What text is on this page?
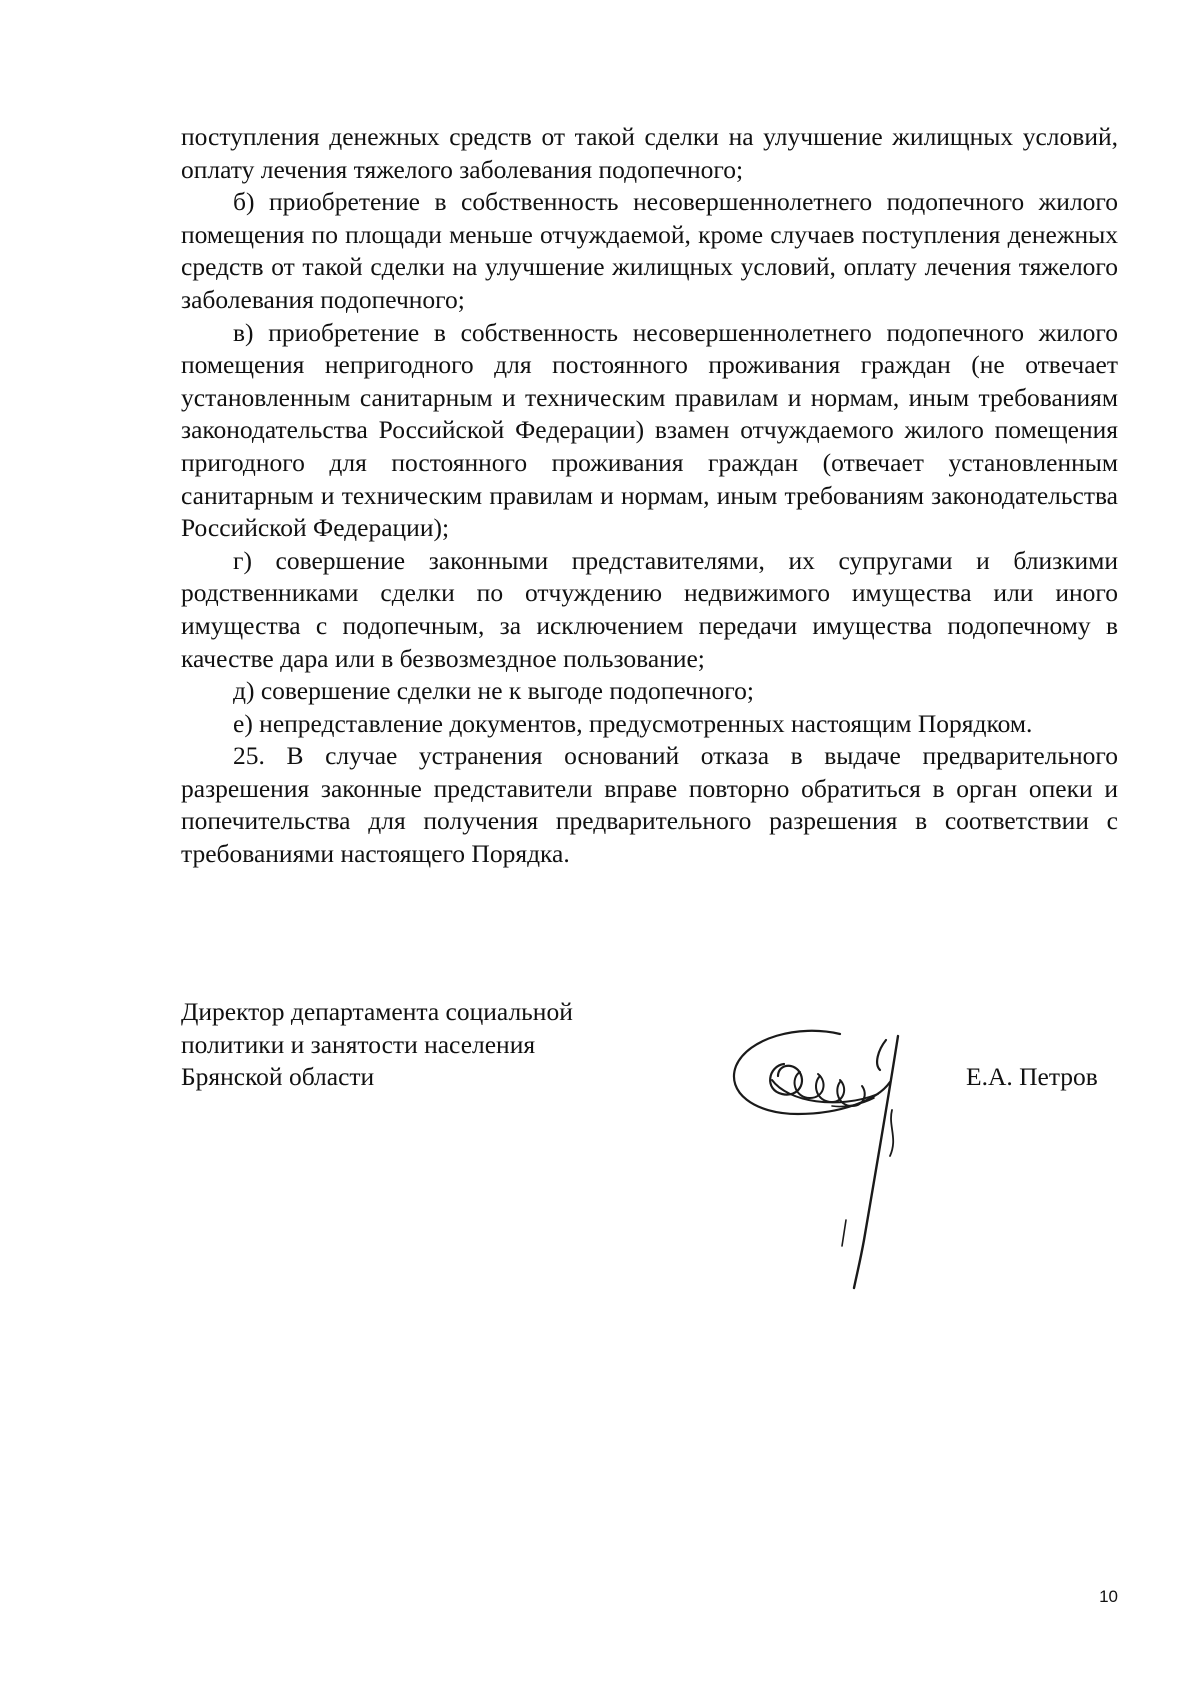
поступления денежных средств от такой сделки на улучшение жилищных условий, оплату лечения тяжелого заболевания подопечного;

б) приобретение в собственность несовершеннолетнего подопечного жилого помещения по площади меньше отчуждаемой, кроме случаев поступления денежных средств от такой сделки на улучшение жилищных условий, оплату лечения тяжелого заболевания подопечного;

в) приобретение в собственность несовершеннолетнего подопечного жилого помещения непригодного для постоянного проживания граждан (не отвечает установленным санитарным и техническим правилам и нормам, иным требованиям законодательства Российской Федерации) взамен отчуждаемого жилого помещения пригодного для постоянного проживания граждан (отвечает установленным санитарным и техническим правилам и нормам, иным требованиям законодательства Российской Федерации);

г) совершение законными представителями, их супругами и близкими родственниками сделки по отчуждению недвижимого имущества или иного имущества с подопечным, за исключением передачи имущества подопечному в качестве дара или в безвозмездное пользование;

д) совершение сделки не к выгоде подопечного;

е) непредставление документов, предусмотренных настоящим Порядком.

25. В случае устранения оснований отказа в выдаче предварительного разрешения законные представители вправе повторно обратиться в орган опеки и попечительства для получения предварительного разрешения в соответствии с требованиями настоящего Порядка.

Директор департамента социальной
политики и занятости населения
Брянской области	Е.А. Петров
10
